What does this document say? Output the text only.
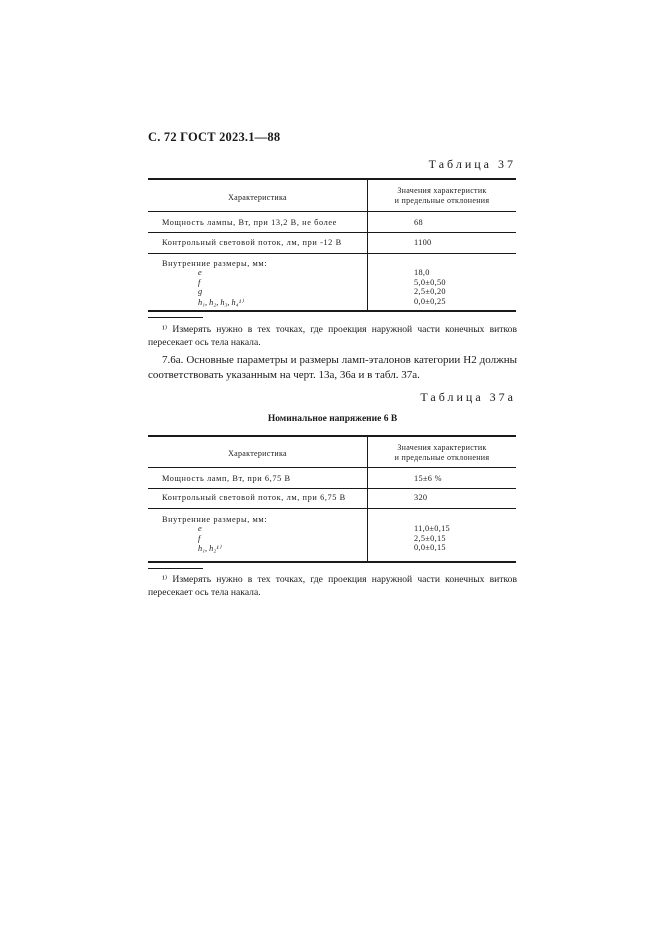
С. 72 ГОСТ 2023.1—88
Таблица 37
Характеристика
Значения характеристик
и предельные отклонения
Мощность лампы, Вт, при 13,2 В, не более	68
Контрольный световой поток, лм, при -12 В	1100
Внутренние размеры, мм:
e	18,0
f	5,0±0,50
g	2,5±0,20
h₁, h₂, h₃, h₄¹⁾	0,0±0,25
¹⁾ Измерять нужно в тех точках, где проекция наружной части конечных витков пересекает ось тела накала.
7.6а. Основные параметры и размеры ламп-эталонов категории Н2 должны соответствовать указанным на черт. 13а, 36а и в табл. 37а.
Таблица 37а
Номинальное напряжение 6 В
Характеристика
Значения характеристик
и предельные отклонения
Мощность ламп, Вт, при 6,75 В	15±6 %
Контрольный световой поток, лм, при 6,75 В	320
Внутренние размеры, мм:
e	11,0±0,15
f	2,5±0,15
h₁, h₂¹⁾	0,0±0,15
¹⁾ Измерять нужно в тех точках, где проекция наружной части конечных витков пересекает ось тела накала.
